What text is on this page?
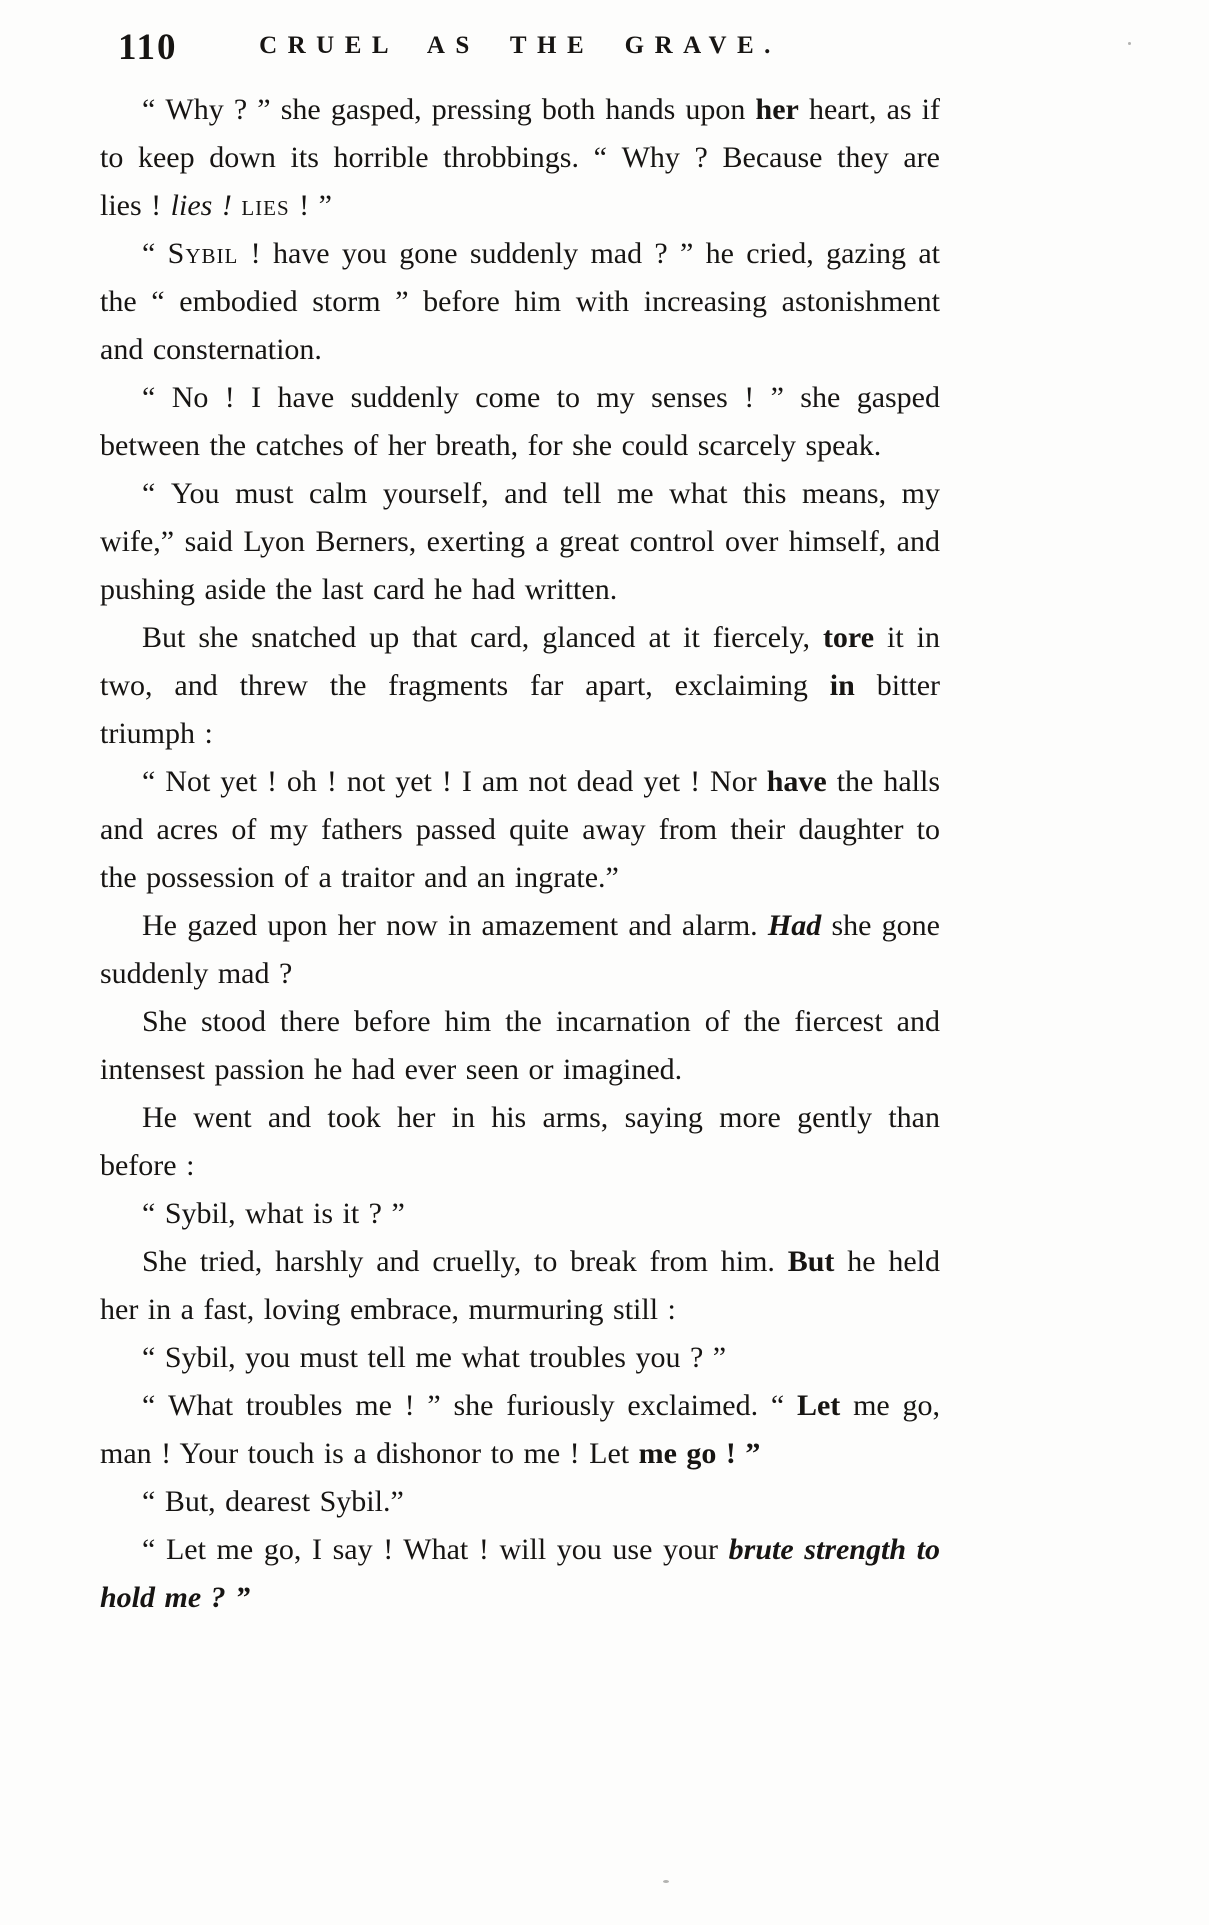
110	CRUEL AS THE GRAVE.

“ Why ? ” she gasped, pressing both hands upon her heart, as if to keep down its horrible throbbings. “ Why ? Because they are lies ! lies ! lies ! ”

“ Sybil ! have you gone suddenly mad ? ” he cried, gazing at the “ embodied storm ” before him with increasing astonishment and consternation.

“ No ! I have suddenly come to my senses ! ” she gasped between the catches of her breath, for she could scarcely speak.

“ You must calm yourself, and tell me what this means, my wife,” said Lyon Berners, exerting a great control over himself, and pushing aside the last card he had written.

But she snatched up that card, glanced at it fiercely, tore it in two, and threw the fragments far apart, exclaiming in bitter triumph :

“ Not yet ! oh ! not yet ! I am not dead yet ! Nor have the halls and acres of my fathers passed quite away from their daughter to the possession of a traitor and an ingrate.”

He gazed upon her now in amazement and alarm. Had she gone suddenly mad ?

She stood there before him the incarnation of the fiercest and intensest passion he had ever seen or imagined.

He went and took her in his arms, saying more gently than before :

“ Sybil, what is it ? ”

She tried, harshly and cruelly, to break from him. But he held her in a fast, loving embrace, murmuring still :

“ Sybil, you must tell me what troubles you ? ”

“ What troubles me ! ” she furiously exclaimed. “ Let me go, man ! Your touch is a dishonor to me ! Let me go ! ”

“ But, dearest Sybil.”

“ Let me go, I say ! What ! will you use your brute strength to hold me ? ”
